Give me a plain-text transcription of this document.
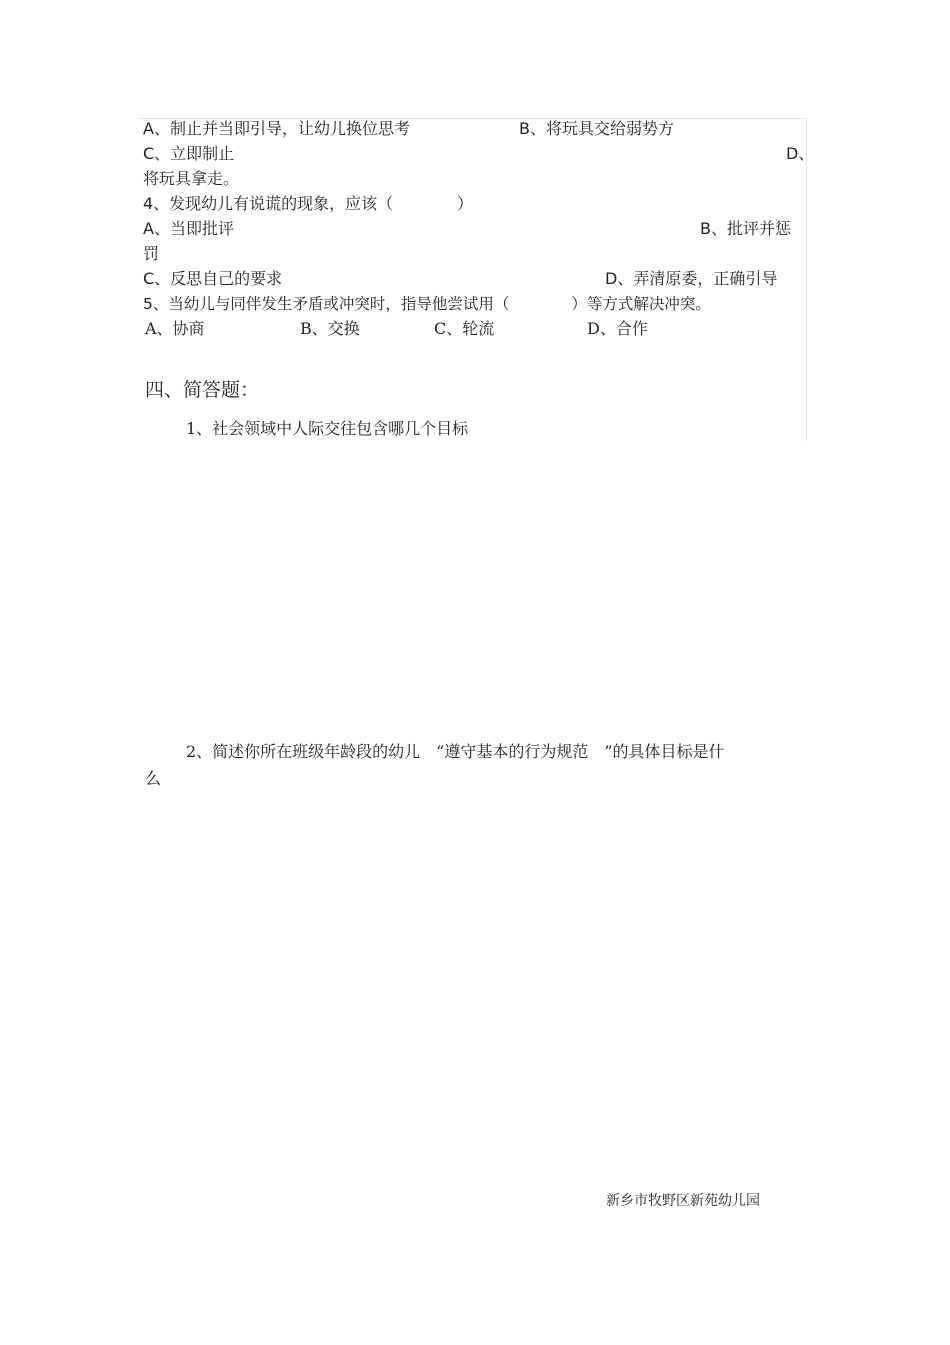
A、制止并当即引导，让幼儿换位思考	B、将玩具交给弱势方
C、立即制止	D、
将玩具拿走。
4、发现幼儿有说谎的现象，应该（　　　　）
A、当即批评	B、批评并惩
罚
C、反思自己的要求	D、弄清原委，正确引导
5、当幼儿与同伴发生矛盾或冲突时，指导他尝试用（　　　　）等方式解决冲突。
A、协商	B、交换	C、轮流	D、合作
四、简答题：
1、社会领域中人际交往包含哪几个目标
2、简述你所在班级年龄段的幼儿　“遵守基本的行为规范　”的具体目标是什
么
新乡市牧野区新苑幼儿园
